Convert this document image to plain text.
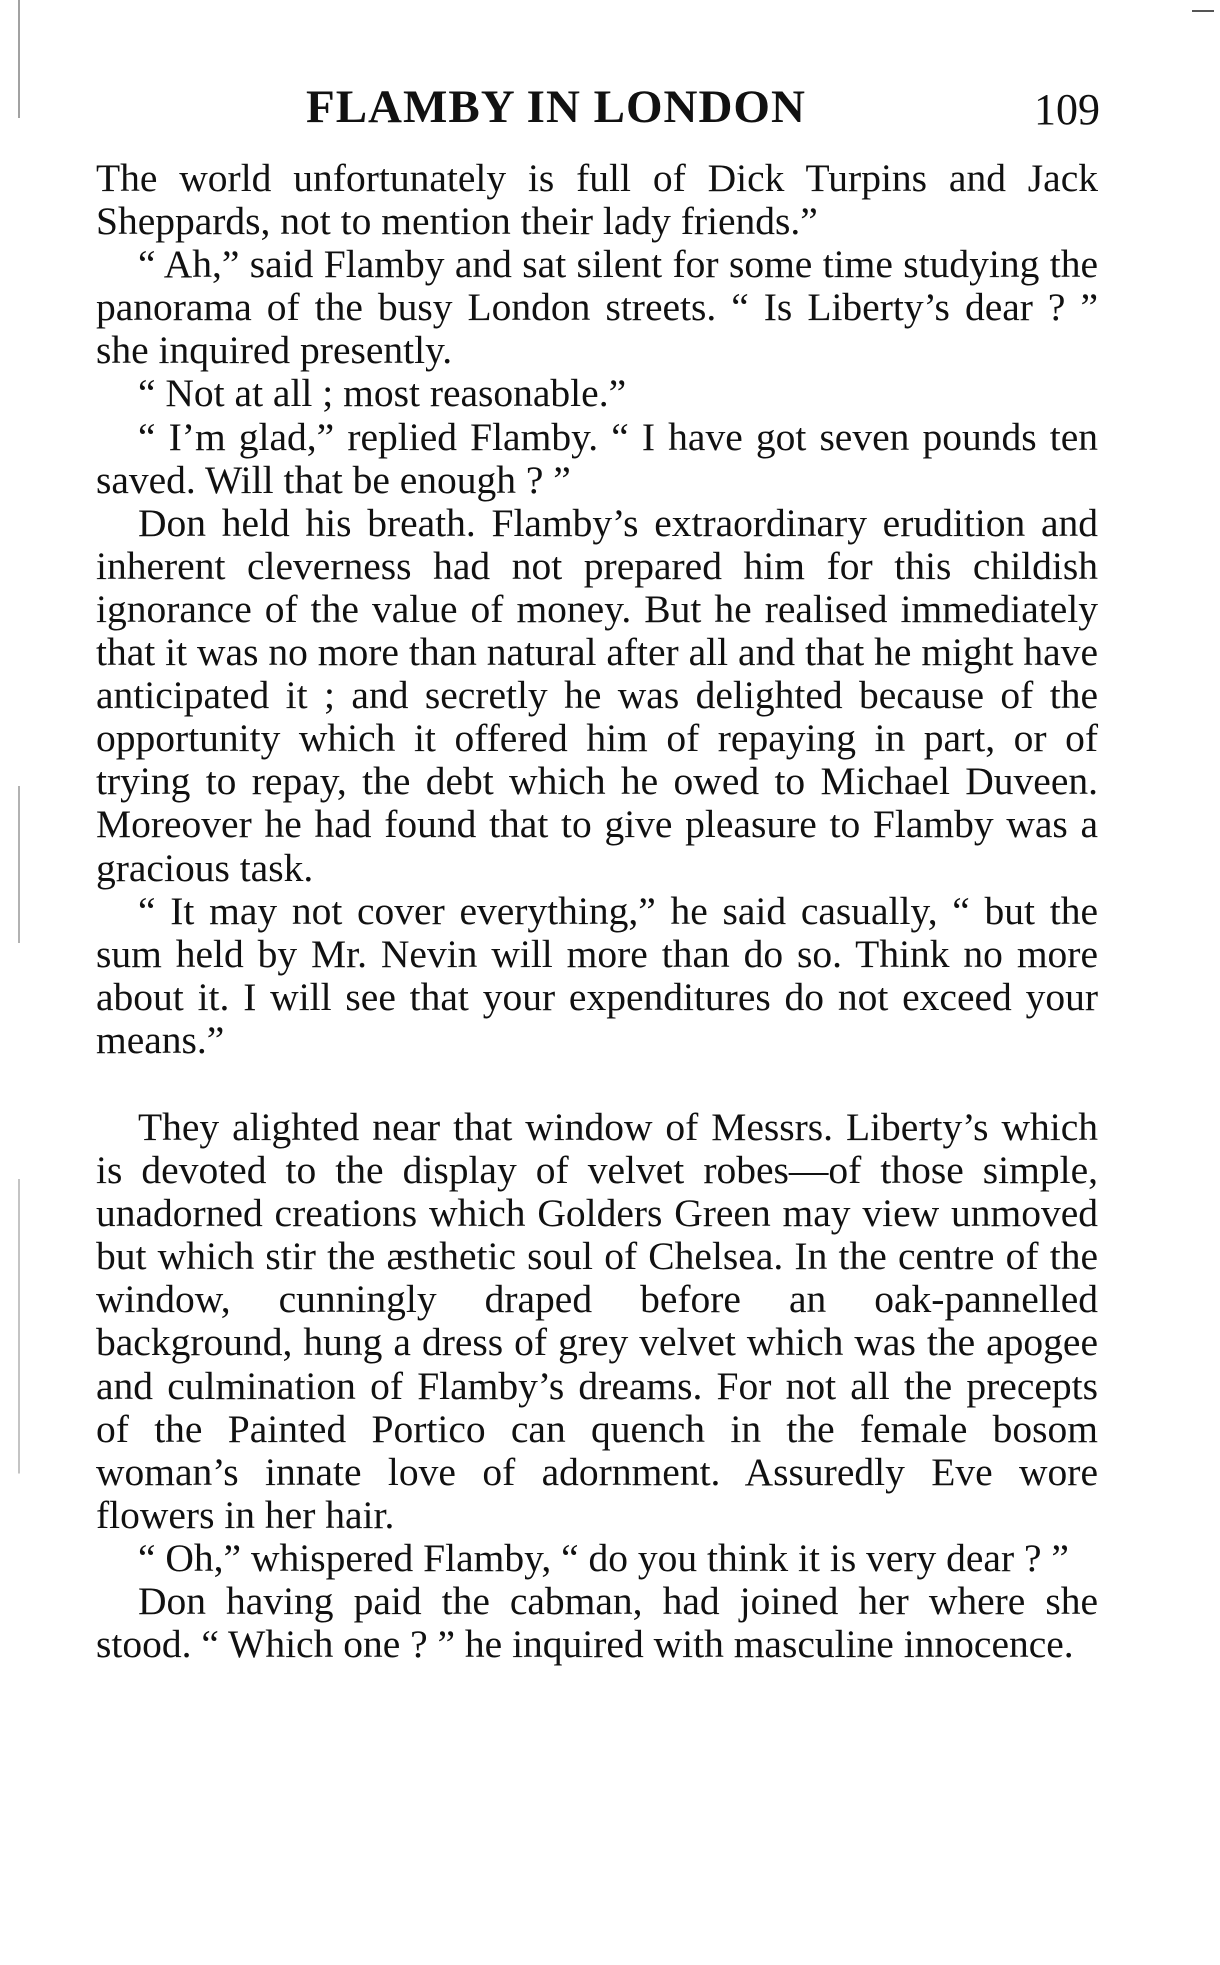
FLAMBY IN LONDON	109

The world unfortunately is full of Dick Turpins and Jack Sheppards, not to mention their lady friends.”

“ Ah,” said Flamby and sat silent for some time studying the panorama of the busy London streets. “ Is Liberty’s dear ? ” she inquired presently.

“ Not at all ; most reasonable.”

“ I’m glad,” replied Flamby. “ I have got seven pounds ten saved. Will that be enough ? ”

Don held his breath. Flamby’s extraordinary erudition and inherent cleverness had not prepared him for this childish ignorance of the value of money. But he realised immediately that it was no more than natural after all and that he might have anticipated it ; and secretly he was delighted because of the opportunity which it offered him of repaying in part, or of trying to repay, the debt which he owed to Michael Duveen. Moreover he had found that to give pleasure to Flamby was a gracious task.

“ It may not cover everything,” he said casually, “ but the sum held by Mr. Nevin will more than do so. Think no more about it. I will see that your expenditures do not exceed your means.”

They alighted near that window of Messrs. Liberty’s which is devoted to the display of velvet robes—of those simple, unadorned creations which Golders Green may view unmoved but which stir the æsthetic soul of Chelsea. In the centre of the window, cunningly draped before an oak-pannelled background, hung a dress of grey velvet which was the apogee and culmination of Flamby’s dreams. For not all the precepts of the Painted Portico can quench in the female bosom woman’s innate love of adornment. Assuredly Eve wore flowers in her hair.

“ Oh,” whispered Flamby, “ do you think it is very dear ? ”

Don having paid the cabman, had joined her where she stood. “ Which one ? ” he inquired with masculine innocence.
